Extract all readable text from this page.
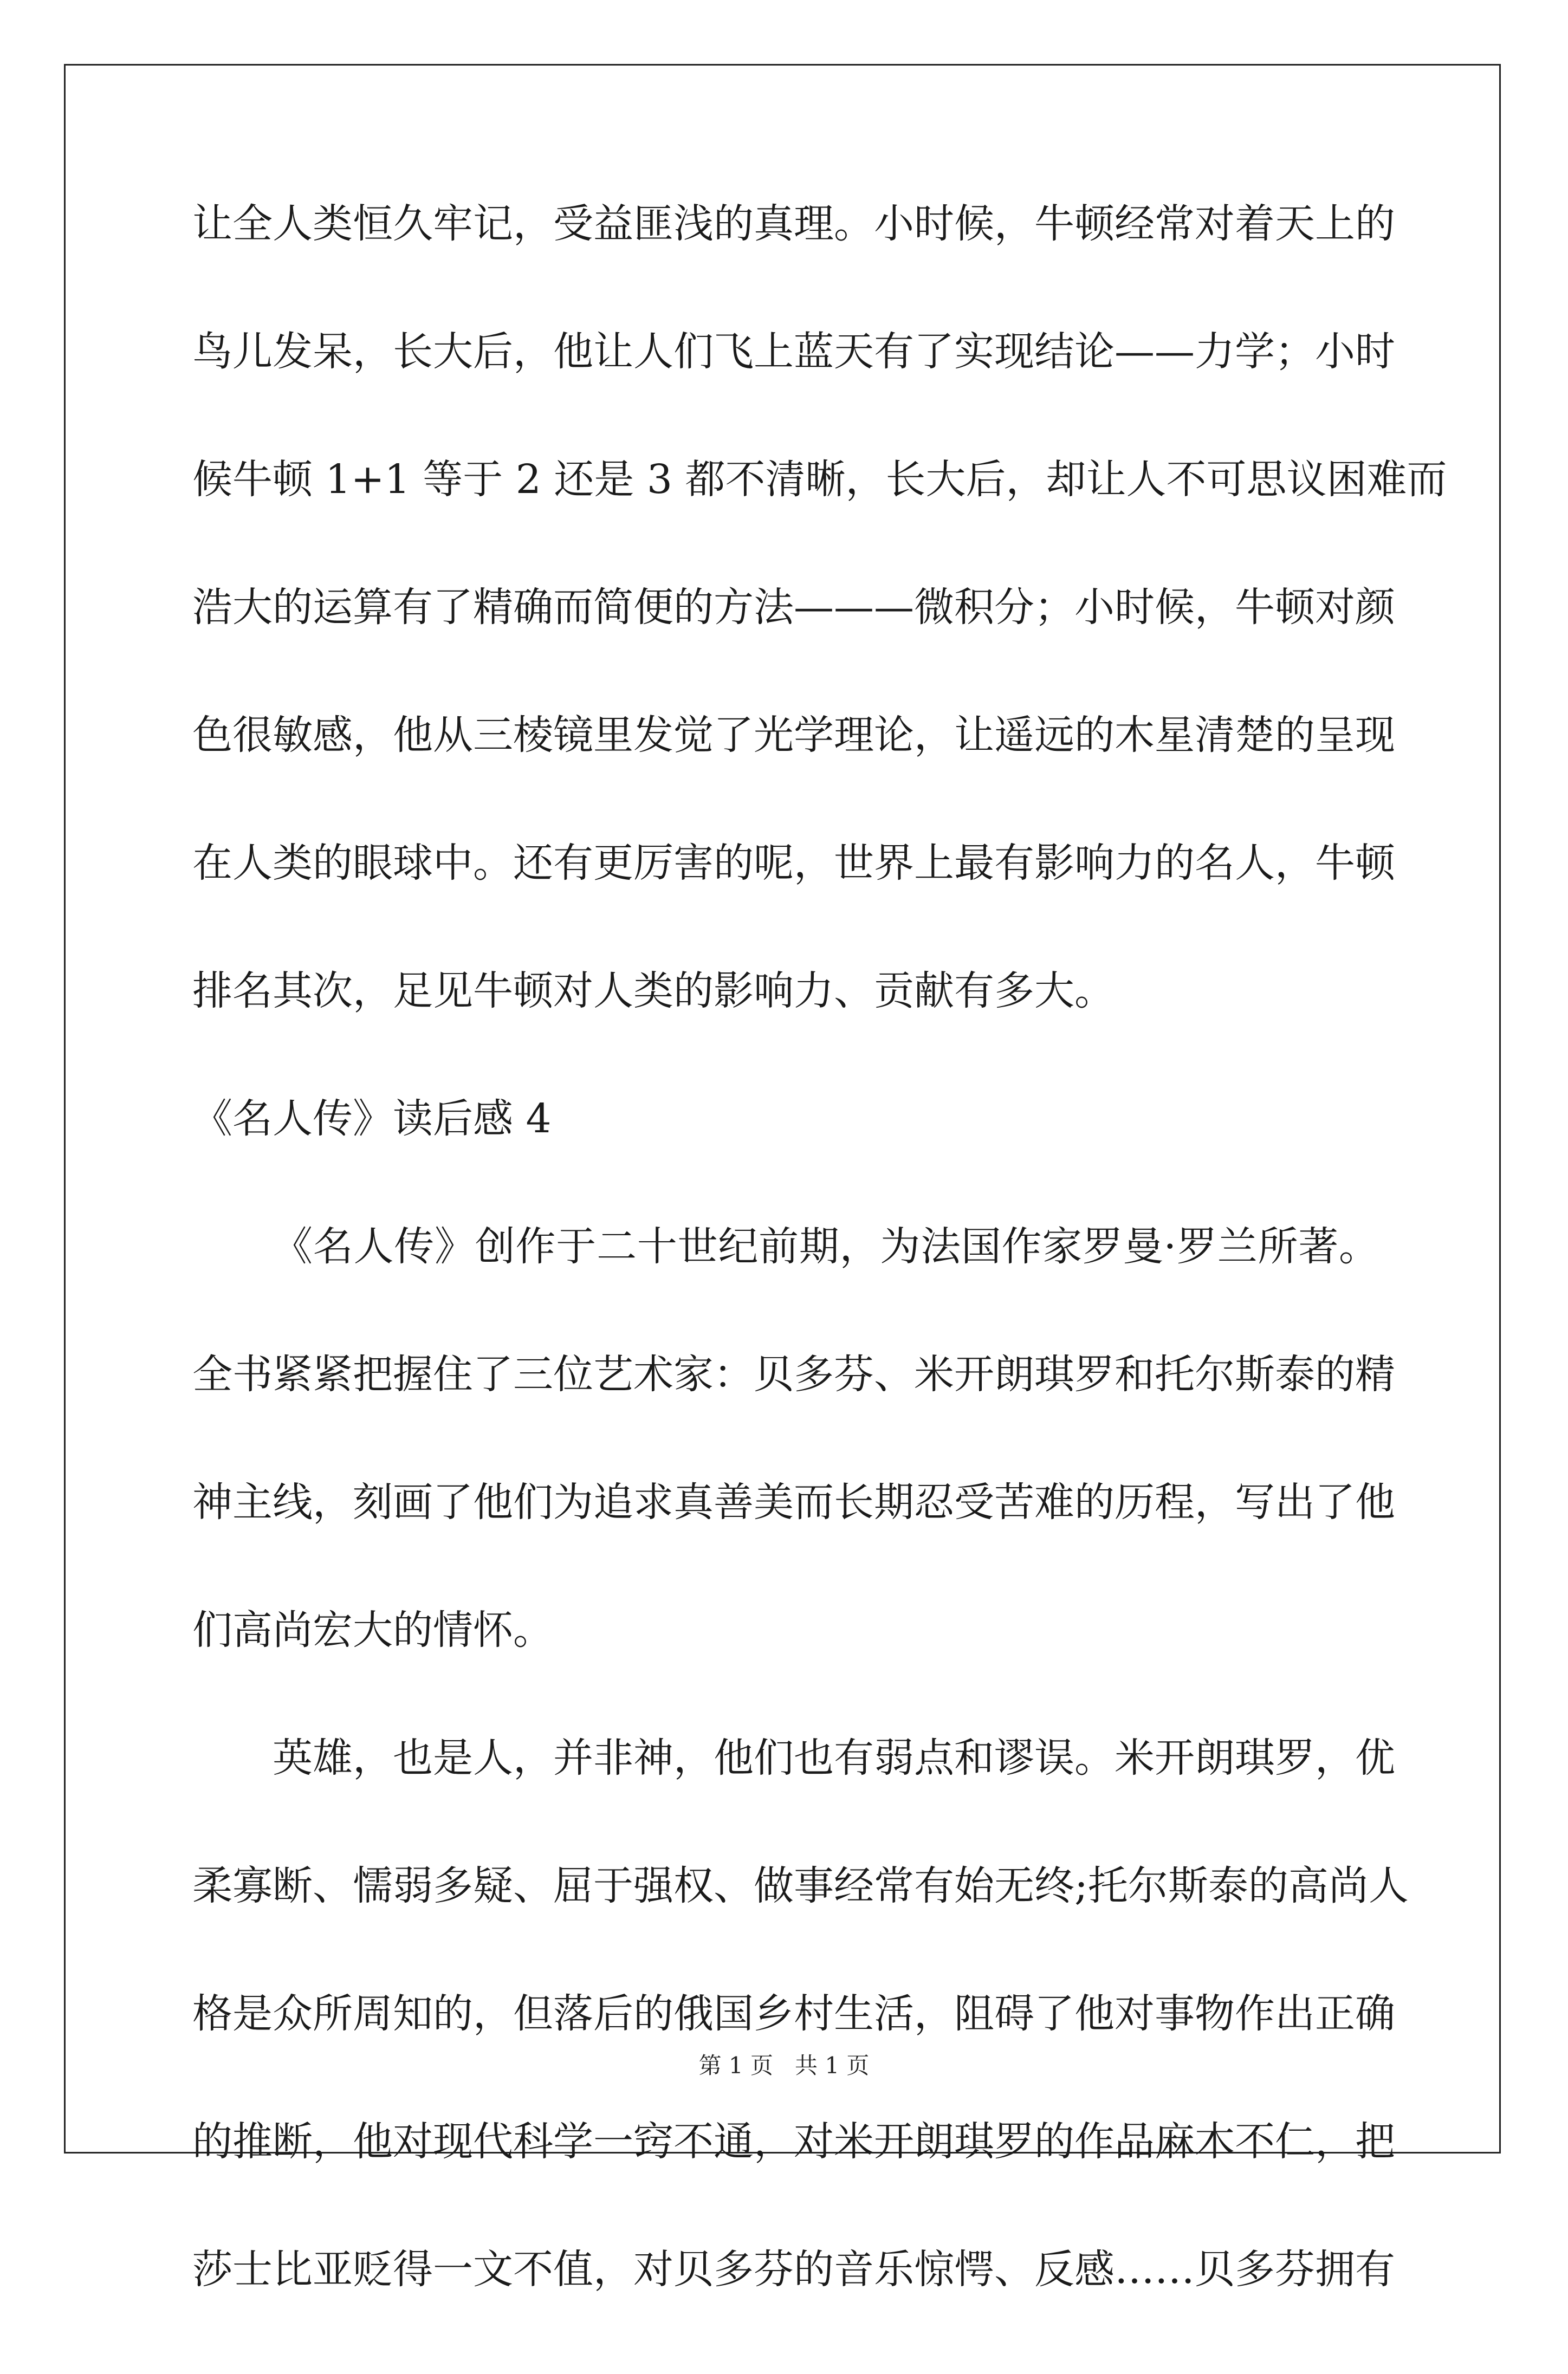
让全人类恒久牢记，受益匪浅的真理。小时候，牛顿经常对着天上的
鸟儿发呆，长大后，他让人们飞上蓝天有了实现结论——力学；小时
候牛顿 1+1 等于 2 还是 3 都不清晰，长大后，却让人不可思议困难而
浩大的运算有了精确而简便的方法———微积分；小时候，牛顿对颜
色很敏感，他从三棱镜里发觉了光学理论，让遥远的木星清楚的呈现
在人类的眼球中。还有更厉害的呢，世界上最有影响力的名人，牛顿
排名其次，足见牛顿对人类的影响力、贡献有多大。
《名人传》读后感 4
《名人传》创作于二十世纪前期，为法国作家罗曼·罗兰所著。
全书紧紧把握住了三位艺术家：贝多芬、米开朗琪罗和托尔斯泰的精
神主线，刻画了他们为追求真善美而长期忍受苦难的历程，写出了他
们高尚宏大的情怀。
英雄，也是人，并非神，他们也有弱点和谬误。米开朗琪罗，优
柔寡断、懦弱多疑、屈于强权、做事经常有始无终;托尔斯泰的高尚人
格是众所周知的，但落后的俄国乡村生活，阻碍了他对事物作出正确
的推断，他对现代科学一窍不通，对米开朗琪罗的作品麻木不仁，把
莎士比亚贬得一文不值，对贝多芬的音乐惊愕、反感……贝多芬拥有
第 1 页 共 1 页
